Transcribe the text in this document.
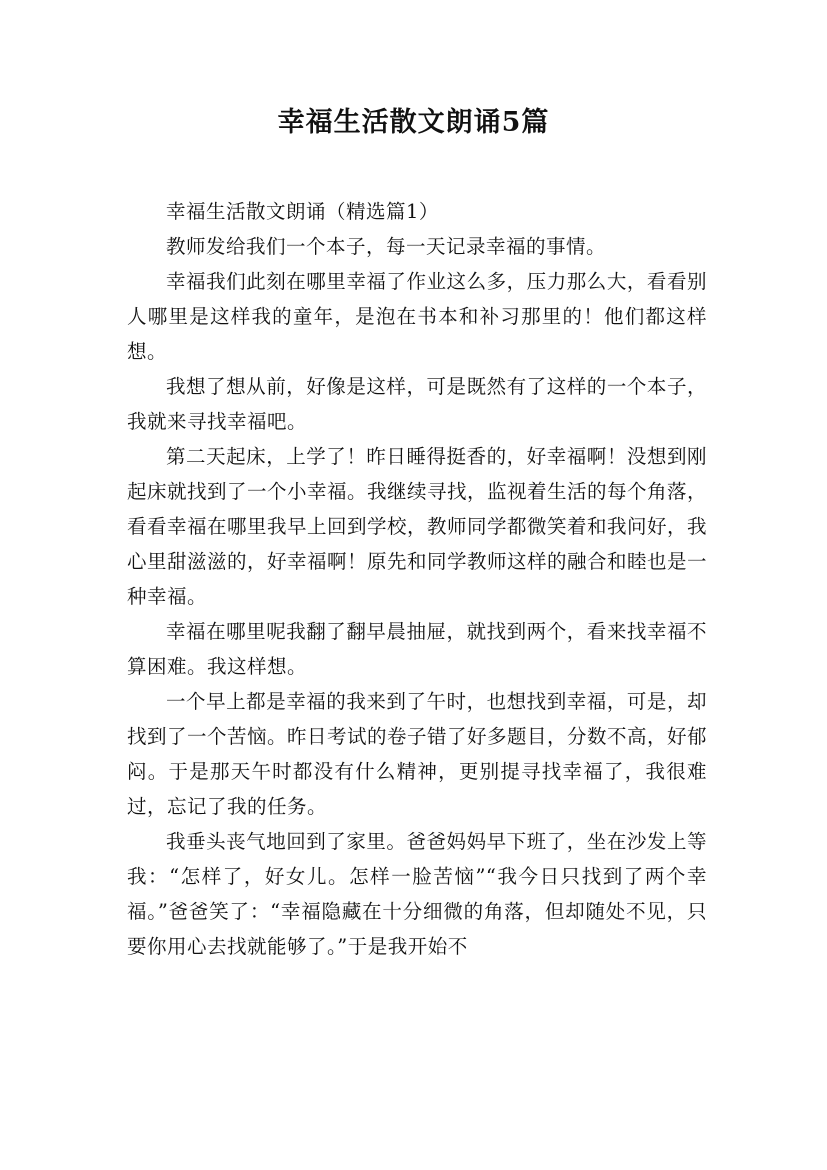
幸福生活散文朗诵5篇

幸福生活散文朗诵（精选篇1）

教师发给我们一个本子，每一天记录幸福的事情。

幸福我们此刻在哪里幸福了作业这么多，压力那么大，看看别人哪里是这样我的童年，是泡在书本和补习那里的！他们都这样想。

我想了想从前，好像是这样，可是既然有了这样的一个本子，我就来寻找幸福吧。

第二天起床，上学了！昨日睡得挺香的，好幸福啊！没想到刚起床就找到了一个小幸福。我继续寻找，监视着生活的每个角落，看看幸福在哪里我早上回到学校，教师同学都微笑着和我问好，我心里甜滋滋的，好幸福啊！原先和同学教师这样的融合和睦也是一种幸福。

幸福在哪里呢我翻了翻早晨抽屉，就找到两个，看来找幸福不算困难。我这样想。

一个早上都是幸福的我来到了午时，也想找到幸福，可是，却找到了一个苦恼。昨日考试的卷子错了好多题目，分数不高，好郁闷。于是那天午时都没有什么精神，更别提寻找幸福了，我很难过，忘记了我的任务。

我垂头丧气地回到了家里。爸爸妈妈早下班了，坐在沙发上等我：“怎样了，好女儿。怎样一脸苦恼”“我今日只找到了两个幸福。”爸爸笑了：“幸福隐藏在十分细微的角落，但却随处不见，只要你用心去找就能够了。”于是我开始不
